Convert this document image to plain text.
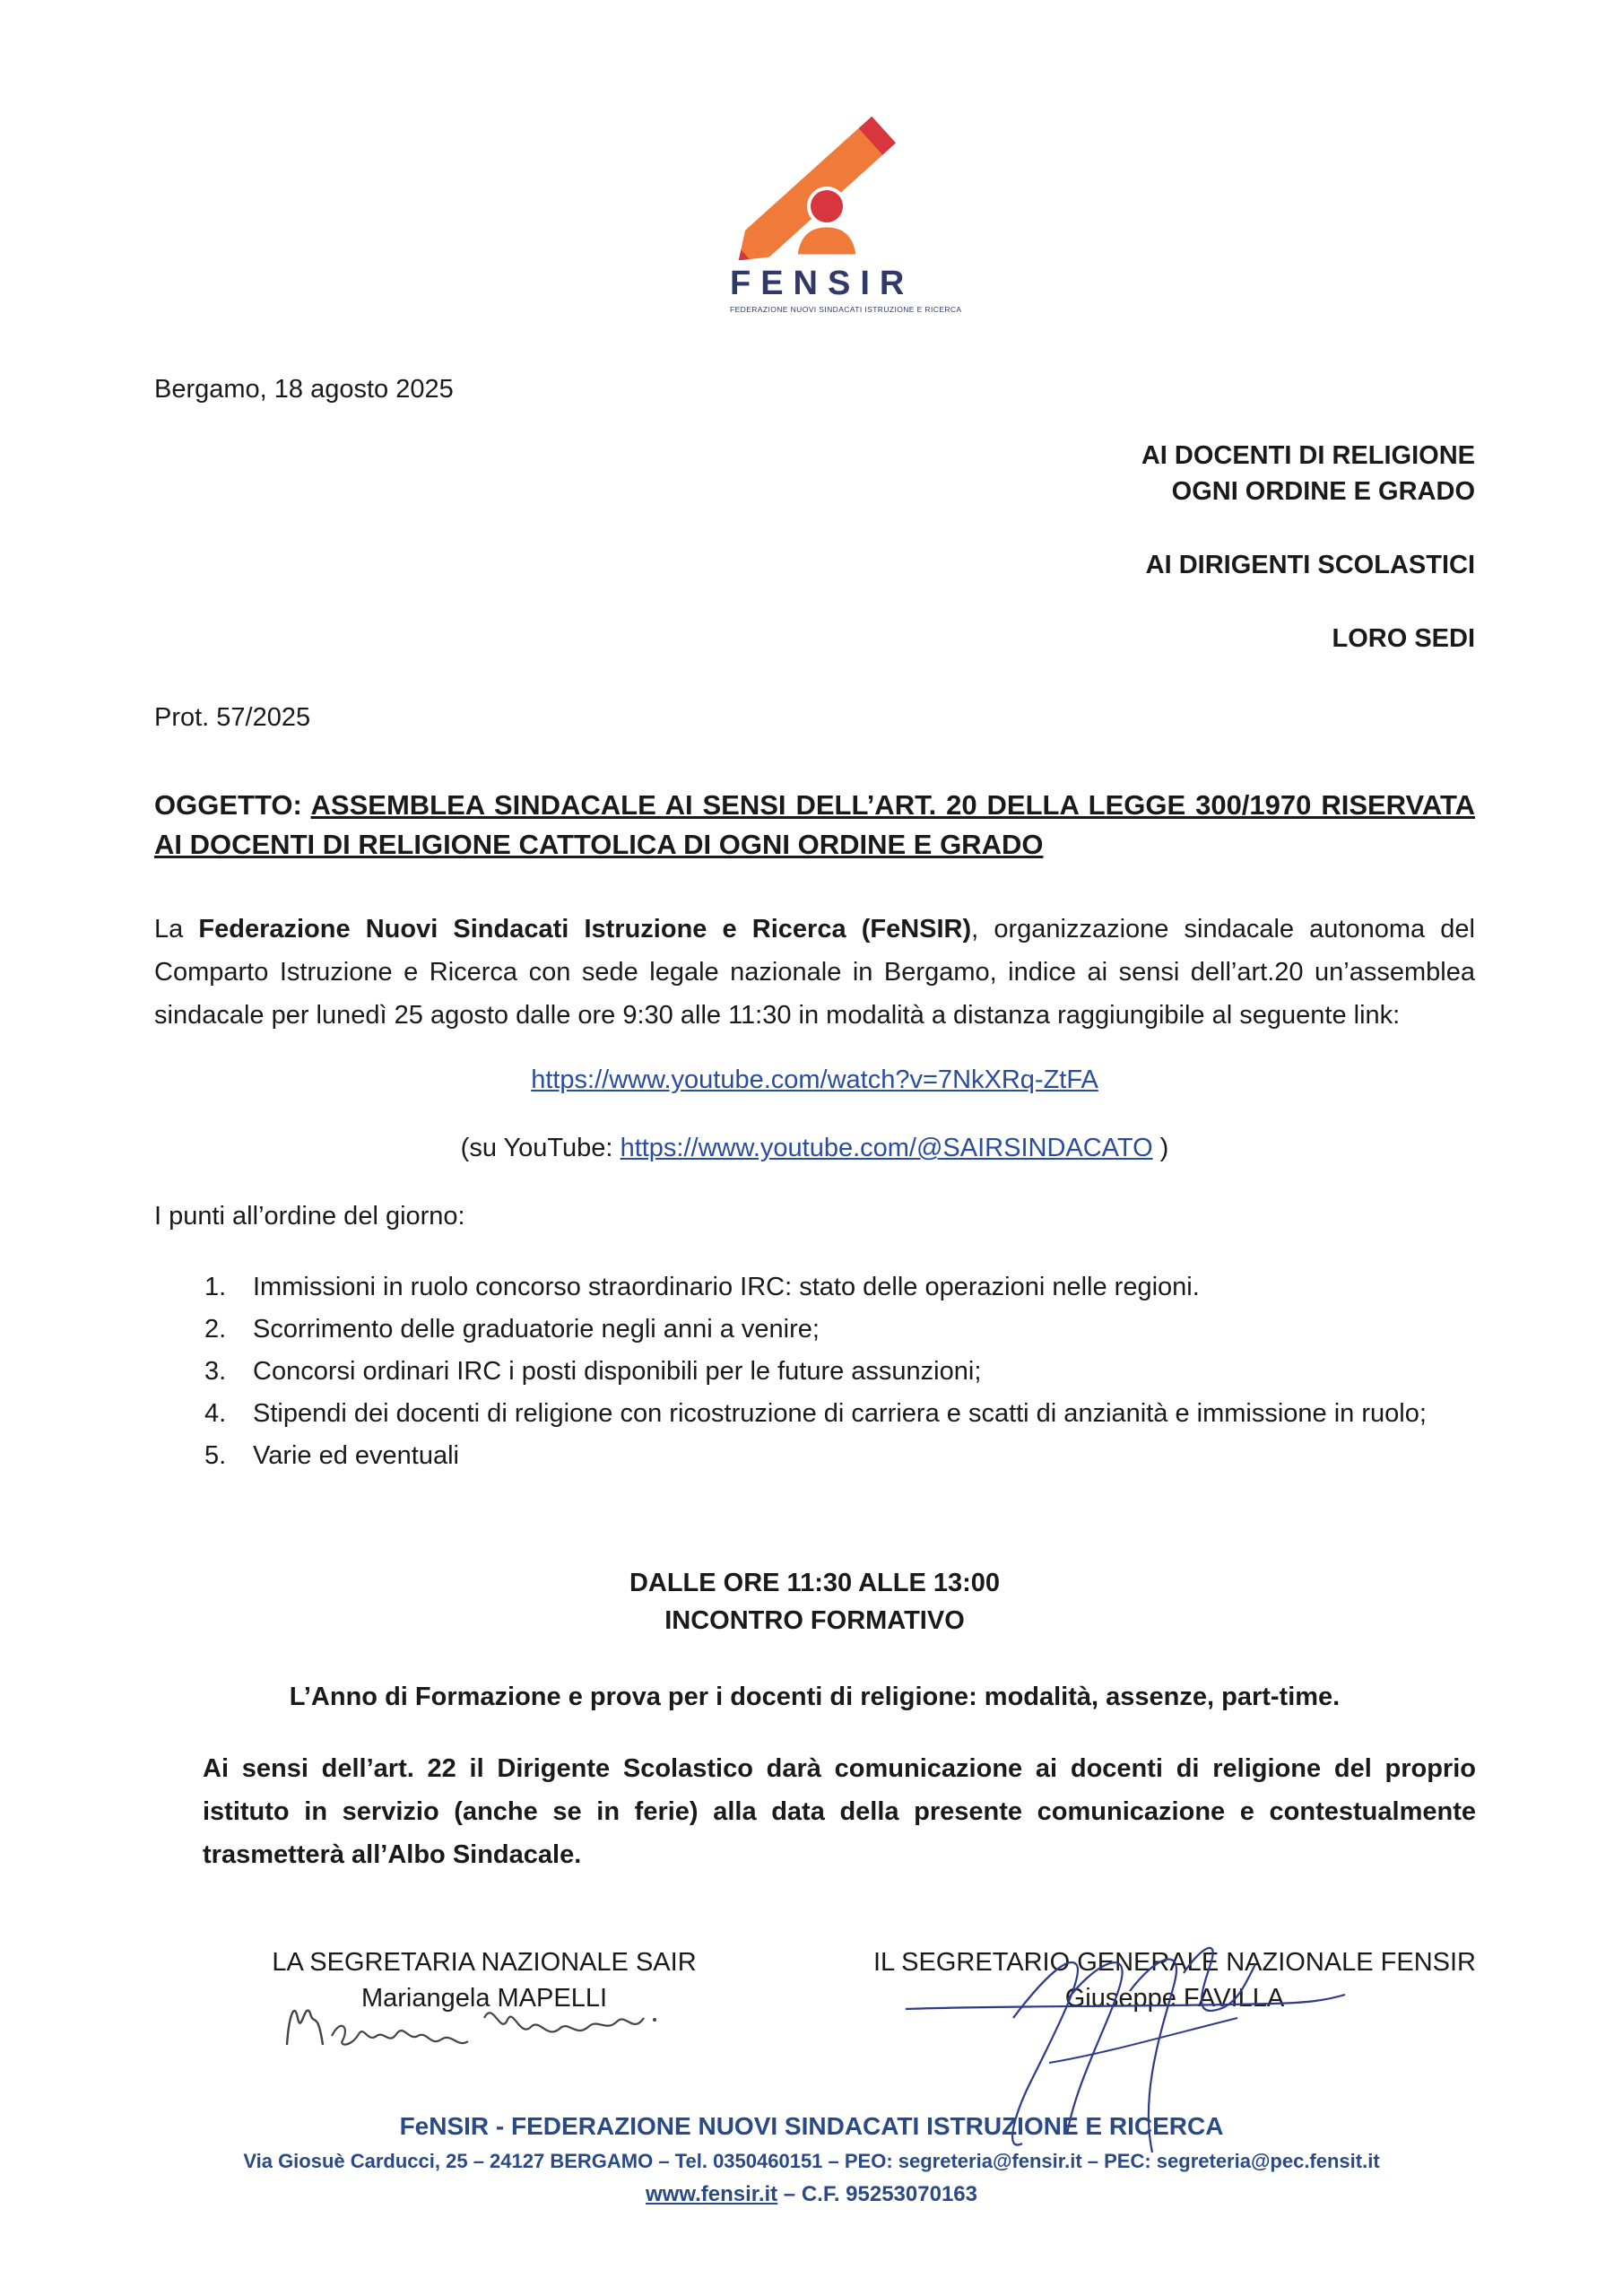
FENSIR
FEDERAZIONE NUOVI SINDACATI ISTRUZIONE E RICERCA
Bergamo, 18 agosto 2025
AI DOCENTI DI RELIGIONE
OGNI ORDINE E GRADO
AI DIRIGENTI SCOLASTICI
LORO SEDI
Prot. 57/2025
OGGETTO: ASSEMBLEA SINDACALE AI SENSI DELL’ART. 20 DELLA LEGGE 300/1970 RISERVATA AI DOCENTI DI RELIGIONE CATTOLICA DI OGNI ORDINE E GRADO
La Federazione Nuovi Sindacati Istruzione e Ricerca (FeNSIR), organizzazione sindacale autonoma del Comparto Istruzione e Ricerca con sede legale nazionale in Bergamo, indice ai sensi dell’art.20 un’assemblea sindacale per lunedì 25 agosto dalle ore 9:30 alle 11:30 in modalità a distanza raggiungibile al seguente link:
https://www.youtube.com/watch?v=7NkXRq-ZtFA
(su YouTube: https://www.youtube.com/@SAIRSINDACATO )
I punti all’ordine del giorno:
1. Immissioni in ruolo concorso straordinario IRC: stato delle operazioni nelle regioni.
2. Scorrimento delle graduatorie negli anni a venire;
3. Concorsi ordinari IRC i posti disponibili per le future assunzioni;
4. Stipendi dei docenti di religione con ricostruzione di carriera e scatti di anzianità e immissione in ruolo;
5. Varie ed eventuali
DALLE ORE 11:30 ALLE 13:00
INCONTRO FORMATIVO
L’Anno di Formazione e prova per i docenti di religione: modalità, assenze, part-time.
Ai sensi dell’art. 22 il Dirigente Scolastico darà comunicazione ai docenti di religione del proprio istituto in servizio (anche se in ferie) alla data della presente comunicazione e contestualmente trasmetterà all’Albo Sindacale.
LA SEGRETARIA NAZIONALE SAIR
Mariangela MAPELLI
IL SEGRETARIO GENERALE NAZIONALE FENSIR
Giuseppe FAVILLA
FeNSIR - FEDERAZIONE NUOVI SINDACATI ISTRUZIONE E RICERCA
Via Giosuè Carducci, 25 – 24127 BERGAMO – Tel. 0350460151 – PEO: segreteria@fensir.it – PEC: segreteria@pec.fensit.it
www.fensir.it – C.F. 95253070163
